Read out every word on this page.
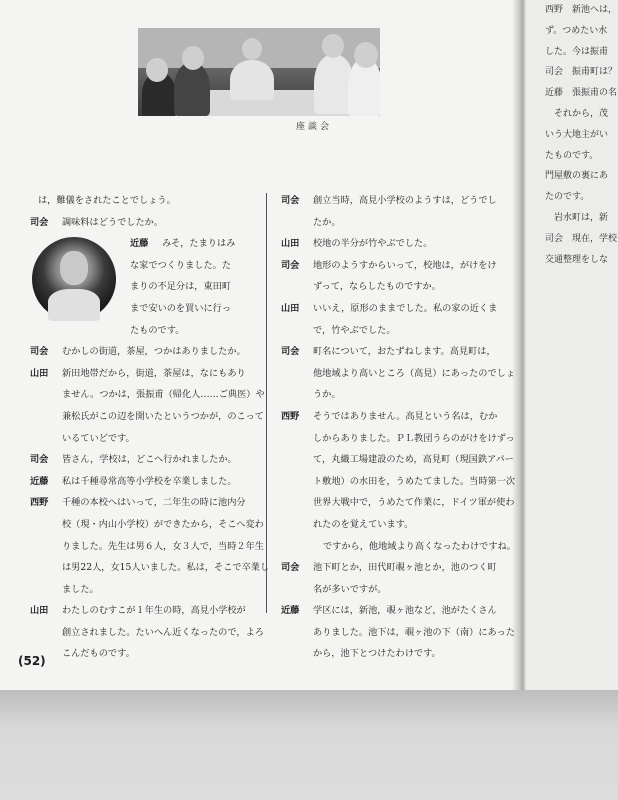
座談会
は，難儀をされたことでしょう。
司会 調味料はどうでしたか。
近藤 みそ，たまりはみ
な家でつくりました。た
まりの不足分は，東田町
まで安いのを買いに行っ
たものです。
司会 むかしの街道，茶屋，つかはありましたか。
山田 新田地帯だから，街道，茶屋は，なにもあり
ません。つかは，張振甫（帰化人……ご典医）や
兼松氏がこの辺を開いたというつかが，のこって
いるていどです。
司会 皆さん，学校は，どこへ行かれましたか。
近藤 私は千種尋常高等小学校を卒業しました。
西野 千種の本校へはいって，二年生の時に池内分
校（現・内山小学校）ができたから，そこへ変わ
りました。先生は男６人，女３人で，当時２年生
は男22人，女15人いました。私は，そこで卒業し
ました。
山田 わたしのむすこが１年生の時，高見小学校が
創立されました。たいへん近くなったので，よろ
こんだものです。
司会 創立当時，高見小学校のようすは，どうでし
たか。
山田 校地の半分が竹やぶでした。
司会 地形のようすからいって，校地は，がけをけ
ずって，ならしたものですか。
山田 いいえ，原形のままでした。私の家の近くま
で，竹やぶでした。
司会 町名について，おたずねします。高見町は，
他地域より高いところ（高見）にあったのでしょ
うか。
西野 そうではありません。高見という名は，むか
しからありました。ＰＬ教団うらのがけをけずっ
て，丸織工場建設のため，高見町（現国鉄アパー
ト敷地）の水田を，うめたてました。当時第一次
世界大戦中で，うめたて作業に，ドイツ軍が使わ
れたのを覚えています。
ですから，他地域より高くなったわけですね。
司会 池下町とか，田代町覗ヶ池とか，池のつく町
名が多いですが。
近藤 学区には，新池，覗ヶ池など，池がたくさん
ありました。池下は，覗ヶ池の下（南）にあった
から，池下とつけたわけです。
(52)
西野　新池へは，
ず。つめたい水
した。今は振甫
司会　振甫町は？
近藤　張振甫の名
　それから，茂
いう大地主がい
たものです。
門屋敷の裏にあ
たのです。
　岩水町は，新
司会　現在，学校
交通整理をしな
